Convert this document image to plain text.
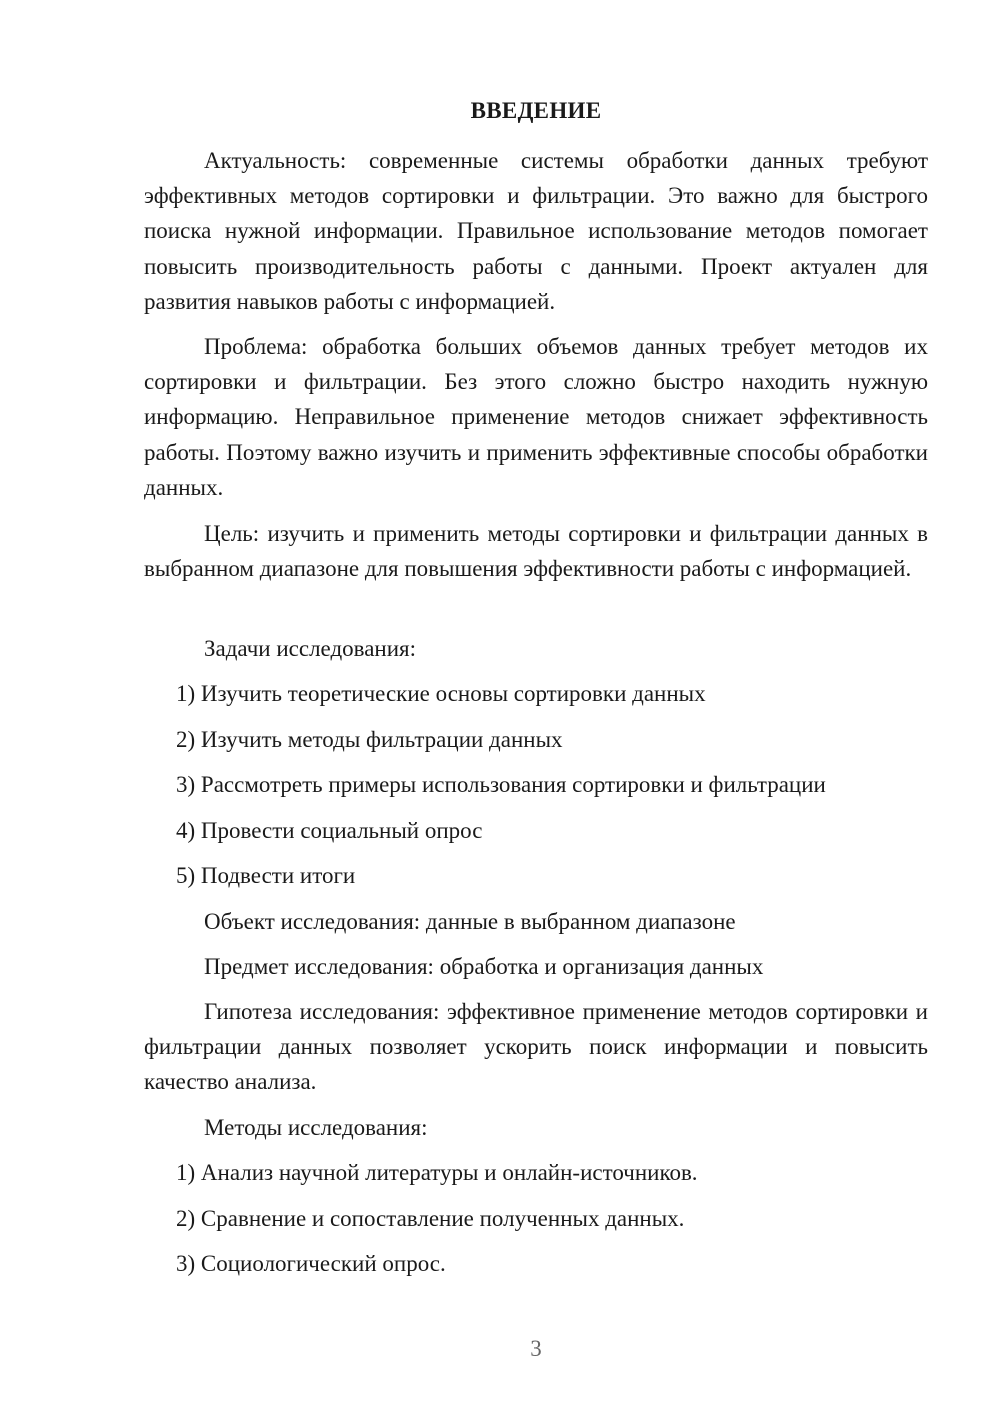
ВВЕДЕНИЕ

Актуальность: современные системы обработки данных требуют эффективных методов сортировки и фильтрации. Это важно для быстрого поиска нужной информации. Правильное использование методов помогает повысить производительность работы с данными. Проект актуален для развития навыков работы с информацией.

Проблема: обработка больших объемов данных требует методов их сортировки и фильтрации. Без этого сложно быстро находить нужную информацию. Неправильное применение методов снижает эффективность работы. Поэтому важно изучить и применить эффективные способы обработки данных.

Цель: изучить и применить методы сортировки и фильтрации данных в выбранном диапазоне для повышения эффективности работы с информацией.

Задачи исследования:

1) Изучить теоретические основы сортировки данных

2) Изучить методы фильтрации данных

3) Рассмотреть примеры использования сортировки и фильтрации

4) Провести социальный опрос

5) Подвести итоги

Объект исследования: данные в выбранном диапазоне

Предмет исследования: обработка и организация данных

Гипотеза исследования: эффективное применение методов сортировки и фильтрации данных позволяет ускорить поиск информации и повысить качество анализа.

Методы исследования:

1) Анализ научной литературы и онлайн-источников.

2) Сравнение и сопоставление полученных данных.

3) Социологический опрос.

3
